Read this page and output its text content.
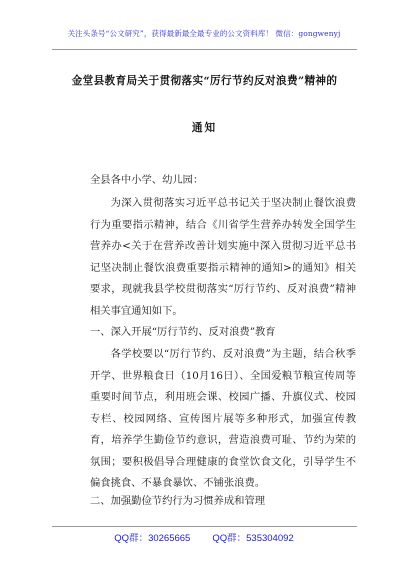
关注头条号“公文研究”，获得最新最全最专业的公文资料库！ 微信：gongwenyj
金堂县教育局关于贯彻落实“厉行节约反对浪费”精神的
通知

全县各中小学、幼儿园：

为深入贯彻落实习近平总书记关于坚决制止餐饮浪费行为重要指示精神，结合《川省学生营养办转发全国学生营养办<关于在营养改善计划实施中深入贯彻习近平总书记坚决制止餐饮浪费重要指示精神的通知>的通知》相关要求，现就我县学校贯彻落实“厉行节约、反对浪费”精神相关事宜通知如下。

一、深入开展“厉行节约、反对浪费”教育

各学校要以“厉行节约、反对浪费”为主题，结合秋季开学、世界粮食日（10月16日）、全国爱粮节粮宣传周等重要时间节点，利用班会课、校园广播、升旗仪式、校园专栏、校园网络、宣传图片展等多种形式，加强宣传教育，培养学生勤俭节约意识，营造浪费可耻、节约为荣的氛围；要积极倡导合理健康的食堂饮食文化，引导学生不偏食挑食、不暴食暴饮、不铺张浪费。

二、加强勤俭节约行为习惯养成和管理

QQ群：30265665 QQ群：535304092
